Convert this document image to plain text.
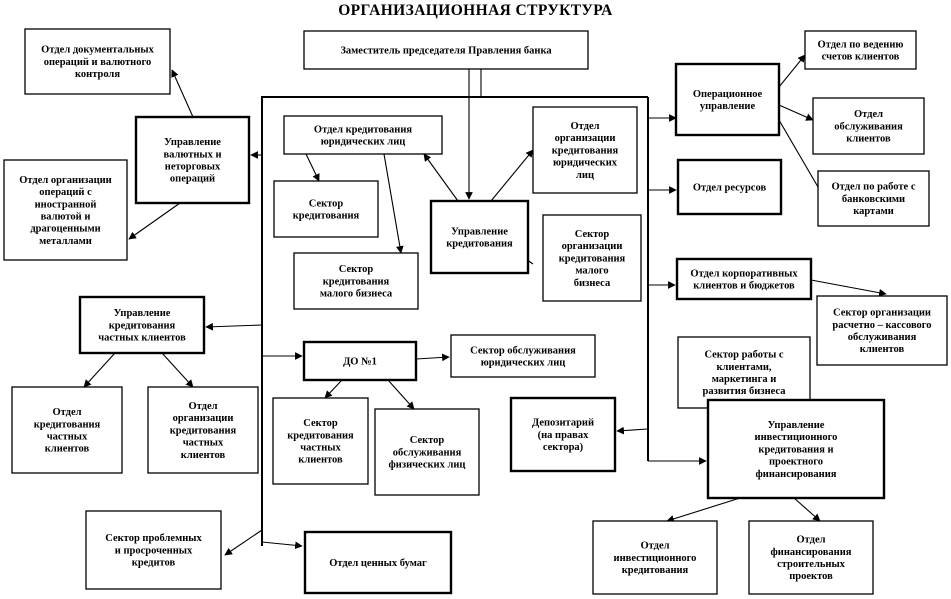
ОРГАНИЗАЦИОННАЯ СТРУКТУРА
Заместитель председателя Правления банка
Отдел документальных
операций и валютного
контроля
Управление
валютных и
неторговых
операций
Отдел организации
операций с
иностранной
валютой и
драгоценными
металлами
Управление
кредитования
частных клиентов
Отдел
кредитования
частных
клиентов
Отдел
организации
кредитования
частных
клиентов
Сектор проблемных
и просроченных
кредитов
Отдел кредитования
юридических лиц
Сектор
кредитования
Сектор
кредитования
малого бизнеса
Управление
кредитования
Отдел
организации
кредитования
юридических
лиц
Сектор
организации
кредитования
малого
бизнеса
ДО №1
Сектор обслуживания
юридических лиц
Сектор
кредитования
частных
клиентов
Сектор
обслуживания
физических лиц
Отдел ценных бумаг
Операционное
управление
Отдел по ведению
счетов клиентов
Отдел
обслуживания
клиентов
Отдел по работе с
банковскими
картами
Отдел ресурсов
Отдел корпоративных
клиентов и бюджетов
Сектор организации
расчетно – кассового
обслуживания
клиентов
Сектор работы с
клиентами,
маркетинга и
развития бизнеса
Депозитарий
(на правах
сектора)
Управление
инвестиционного
кредитования и
проектного
финансирования
Отдел
инвестиционного
кредитования
Отдел
финансирования
строительных
проектов
